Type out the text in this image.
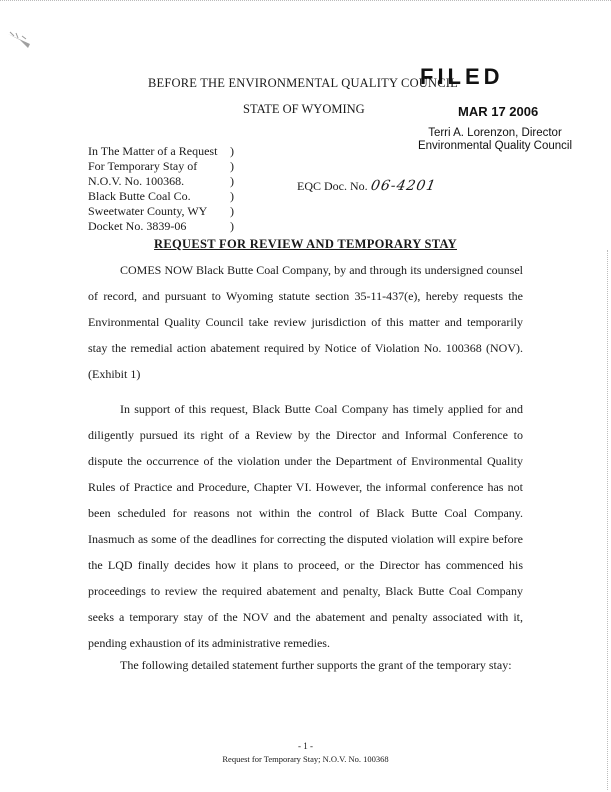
BEFORE THE ENVIRONMENTAL QUALITY COUNCIL
STATE OF WYOMING
FILED
MAR 17 2006
Terri A. Lorenzon, Director
Environmental Quality Council
In The Matter of a Request )
For Temporary Stay of	)
N.O.V. No. 100368.	)
Black Butte Coal Co.	)
Sweetwater County, WY )
Docket No. 3839-06	)
EQC Doc. No. 06-4201
REQUEST FOR REVIEW AND TEMPORARY STAY
COMES NOW Black Butte Coal Company, by and through its undersigned counsel of record, and pursuant to Wyoming statute section 35-11-437(e), hereby requests the Environmental Quality Council take review jurisdiction of this matter and temporarily stay the remedial action abatement required by Notice of Violation No. 100368 (NOV). (Exhibit 1)
In support of this request, Black Butte Coal Company has timely applied for and diligently pursued its right of a Review by the Director and Informal Conference to dispute the occurrence of the violation under the Department of Environmental Quality Rules of Practice and Procedure, Chapter VI. However, the informal conference has not been scheduled for reasons not within the control of Black Butte Coal Company. Inasmuch as some of the deadlines for correcting the disputed violation will expire before the LQD finally decides how it plans to proceed, or the Director has commenced his proceedings to review the required abatement and penalty, Black Butte Coal Company seeks a temporary stay of the NOV and the abatement and penalty associated with it, pending exhaustion of its administrative remedies.
The following detailed statement further supports the grant of the temporary stay:
- 1 -
Request for Temporary Stay; N.O.V. No. 100368
